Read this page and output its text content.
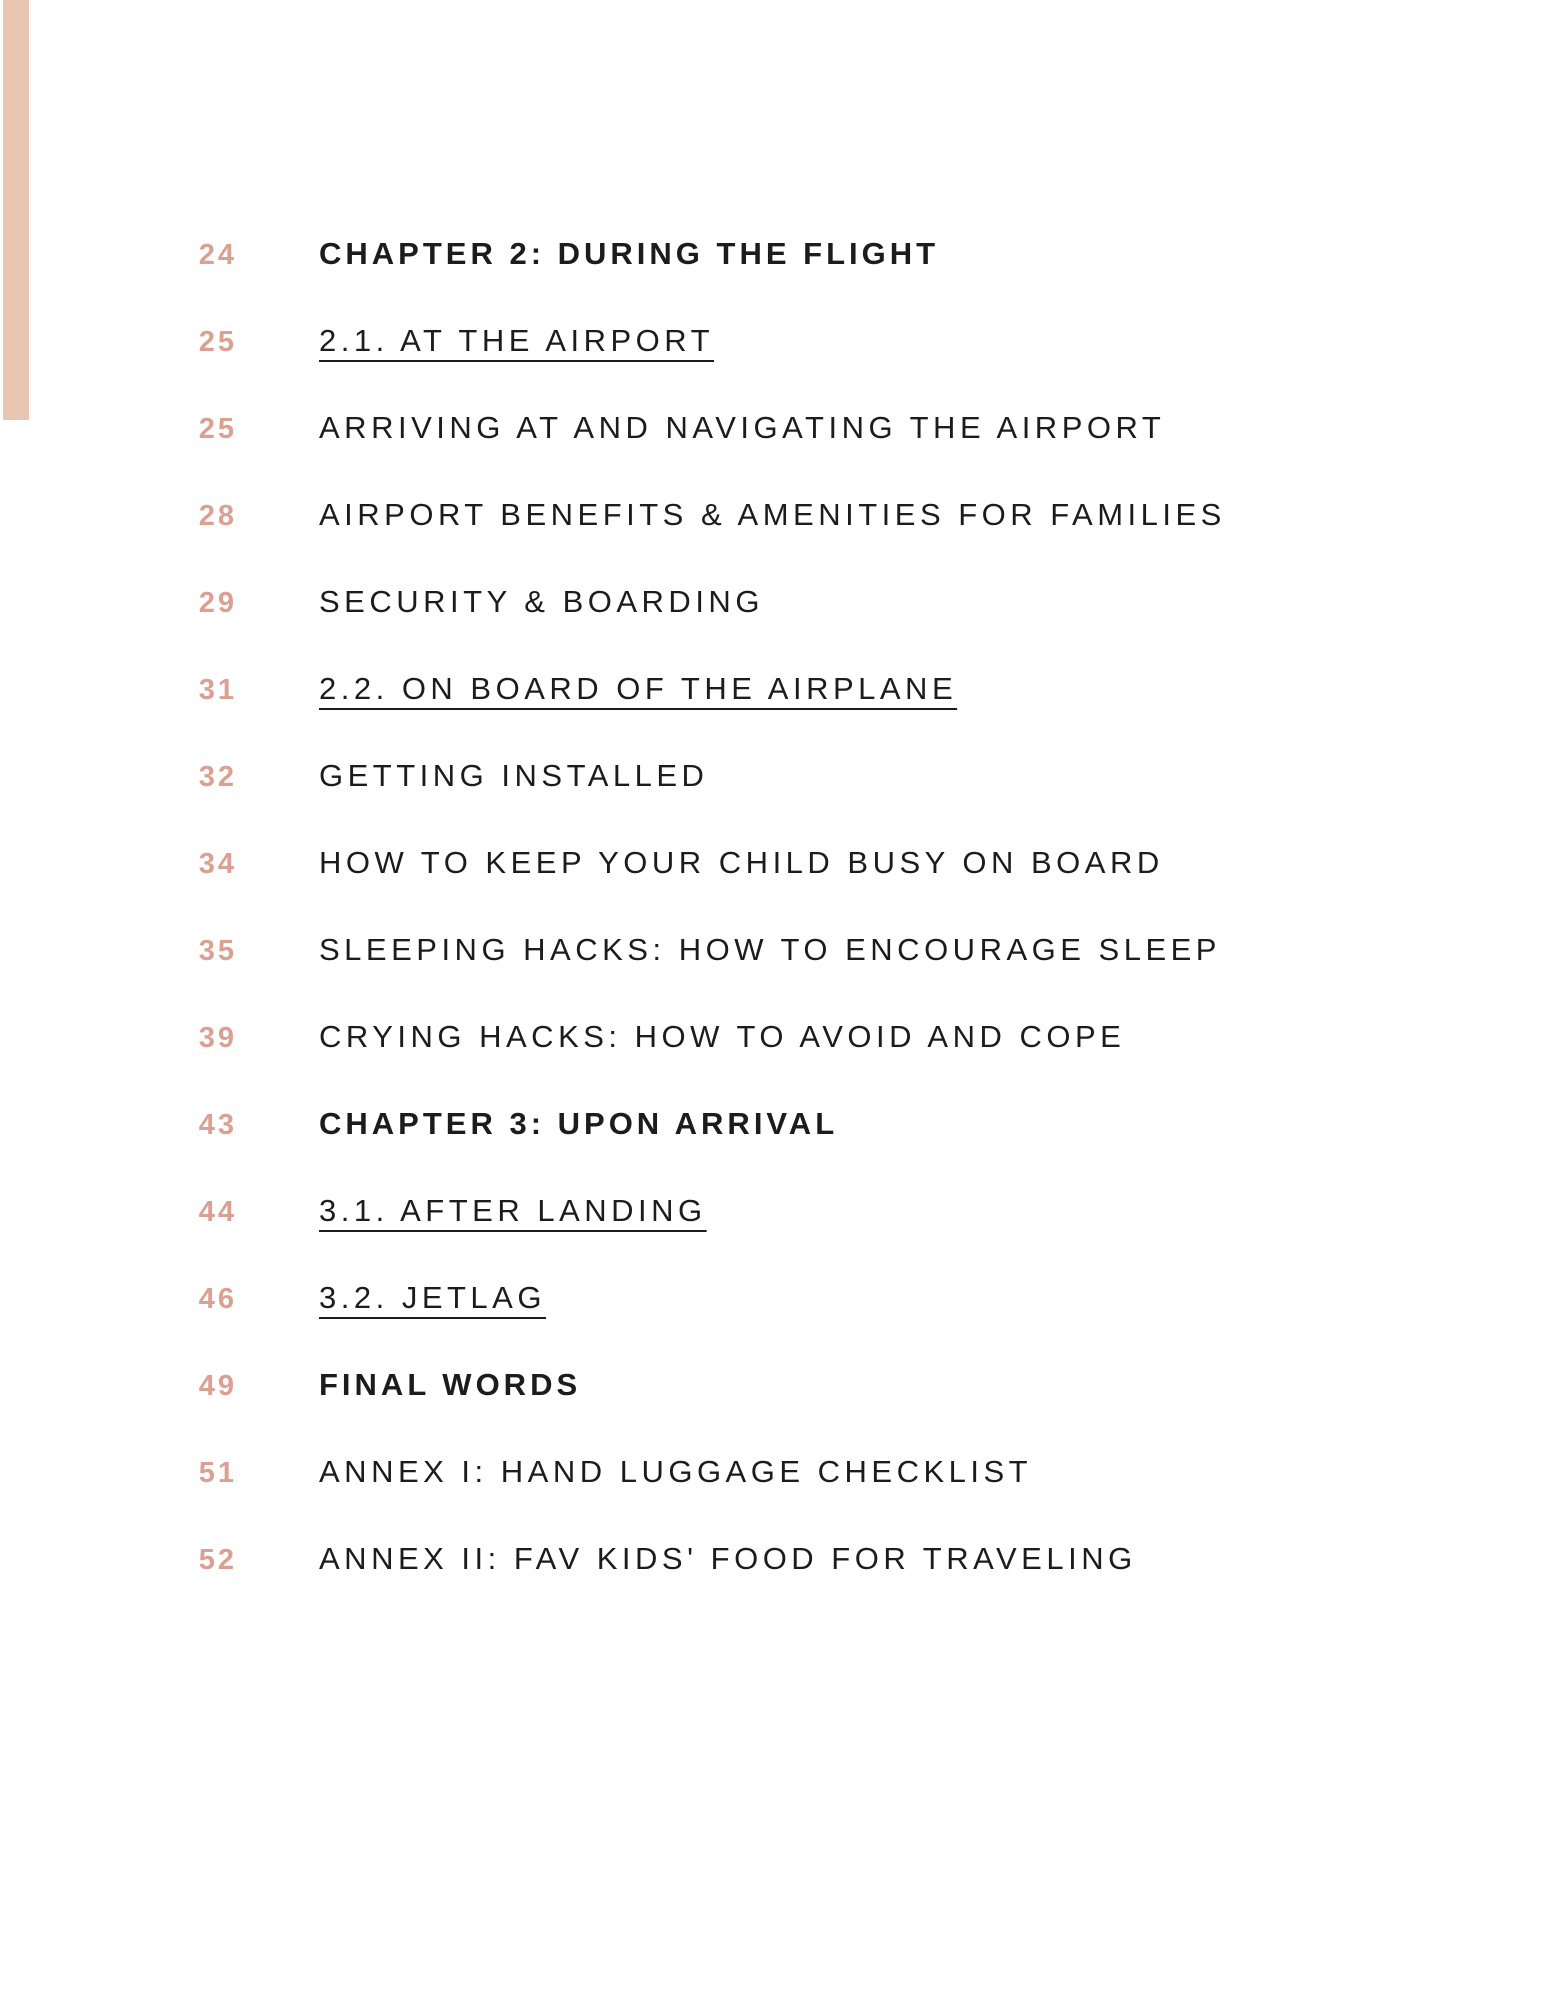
24	CHAPTER 2: DURING THE FLIGHT
25	2.1. AT THE AIRPORT
25	ARRIVING AT AND NAVIGATING THE AIRPORT
28	AIRPORT BENEFITS & AMENITIES FOR FAMILIES
29	SECURITY & BOARDING
31	2.2. ON BOARD OF THE AIRPLANE
32	GETTING INSTALLED
34	HOW TO KEEP YOUR CHILD BUSY ON BOARD
35	SLEEPING HACKS: HOW TO ENCOURAGE SLEEP
39	CRYING HACKS: HOW TO AVOID AND COPE
43	CHAPTER 3: UPON ARRIVAL
44	3.1. AFTER LANDING
46	3.2. JETLAG
49	FINAL WORDS
51	ANNEX I: HAND LUGGAGE CHECKLIST
52	ANNEX II: FAV KIDS' FOOD FOR TRAVELING
